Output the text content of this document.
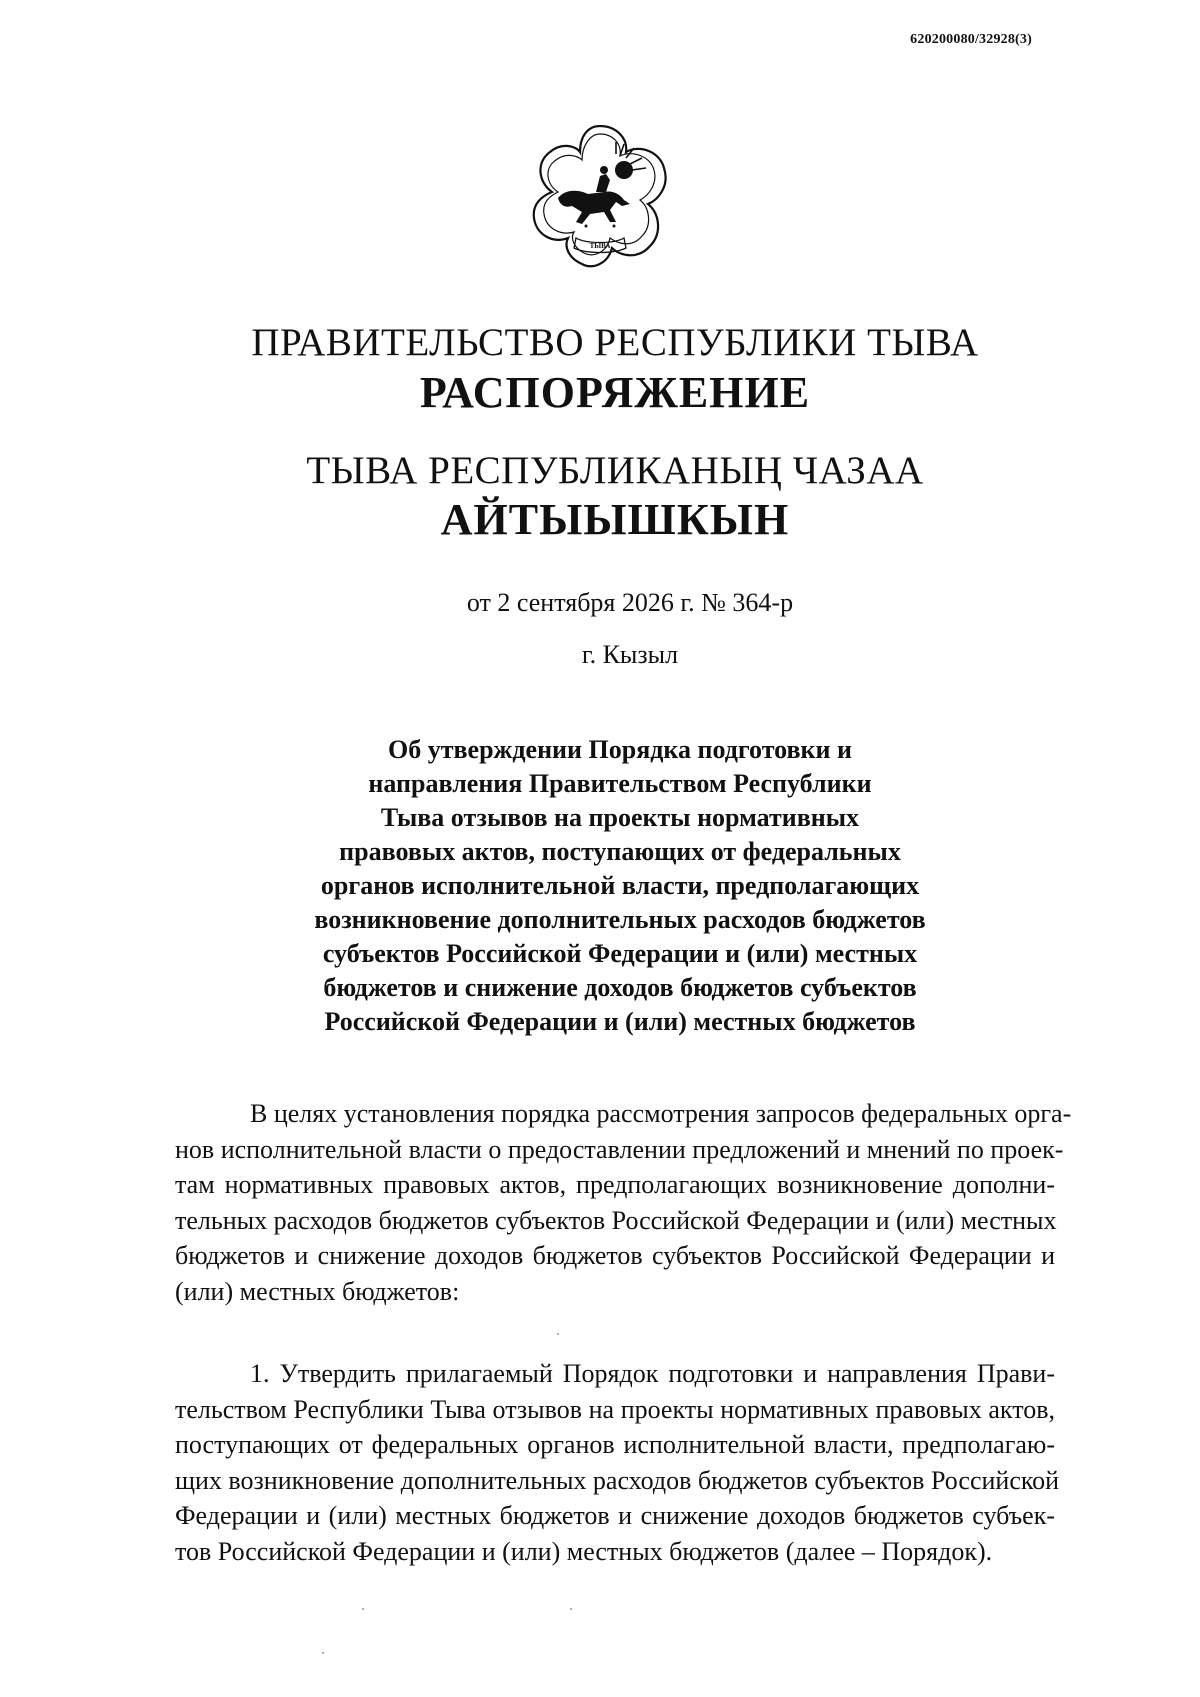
620200080/32928(3)
ТЫВА
ПРАВИТЕЛЬСТВО РЕСПУБЛИКИ ТЫВА
РАСПОРЯЖЕНИЕ
ТЫВА РЕСПУБЛИКАНЫҢ ЧАЗАА
АЙТЫЫШКЫН
от 2 сентября 2026 г. № 364-р
г. Кызыл
Об утверждении Порядка подготовки и
направления Правительством Республики
Тыва отзывов на проекты нормативных
правовых актов, поступающих от федеральных
органов исполнительной власти, предполагающих
возникновение дополнительных расходов бюджетов
субъектов Российской Федерации и (или) местных
бюджетов и снижение доходов бюджетов субъектов
Российской Федерации и (или) местных бюджетов
В целях установления порядка рассмотрения запросов федеральных орга-
нов исполнительной власти о предоставлении предложений и мнений по проек-
там нормативных правовых актов, предполагающих возникновение дополни-
тельных расходов бюджетов субъектов Российской Федерации и (или) местных
бюджетов и снижение доходов бюджетов субъектов Российской Федерации и
(или) местных бюджетов:
1. Утвердить прилагаемый Порядок подготовки и направления Прави-
тельством Республики Тыва отзывов на проекты нормативных правовых актов,
поступающих от федеральных органов исполнительной власти, предполагаю-
щих возникновение дополнительных расходов бюджетов субъектов Российской
Федерации и (или) местных бюджетов и снижение доходов бюджетов субъек-
тов Российской Федерации и (или) местных бюджетов (далее – Порядок).
